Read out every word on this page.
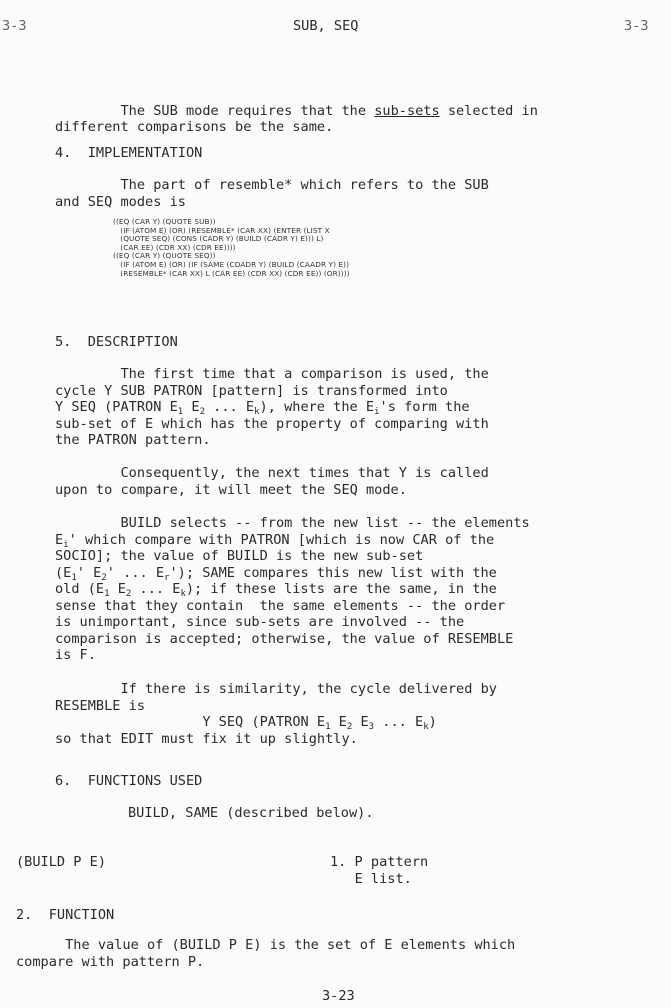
3-3	SUB, SEQ	3-3

The SUB mode requires that the sub-sets selected in
different comparisons be the same.

4. IMPLEMENTATION
The part of resemble* which refers to the SUB
and SEQ modes is
((EQ (CAR Y) (QUOTE SUB))
(IF (ATOM E) (OR) (RESEMBLE* (CAR XX) (ENTER (LIST X
(QUOTE SEQ) (CONS (CADR Y) (BUILD (CADR Y) E))) L)
(CAR EE) (CDR XX) (CDR EE))))
((EQ (CAR Y) (QUOTE SEQ))
(IF (ATOM E) (OR) (IF (SAME (CDADR Y) (BUILD (CAADR Y) E))
(RESEMBLE* (CAR XX) L (CAR EE) (CDR XX) (CDR EE)) (OR))))
5. DESCRIPTION
The first time that a comparison is used, the
cycle Y SUB PATRON [pattern] is transformed into
Y SEQ (PATRON $E_1$ $E_2$ ... $E_k$), where the $E_i's$ form the
sub-set of E which has the property of comparing with
the PATRON pattern.
Consequently, the next times that Y is called
upon to compare, it will meet the SEQ mode.
BUILD selects -- from the new list -- the elements
$E_i'$ which compare with PATRON [which is now CAR of the
SOCIO]; the value of BUILD is the new sub-set
($E_1'$ $E_2'$ ... $E_r'$); SAME compares this new list with the
old ($E_1$ $E_2$ ... $E_k$); if these lists are the same, in the
sense that they contain  the same elements -- the order
is unimportant, since sub-sets are involved -- the
comparison is accepted; otherwise, the value of RESEMBLE
is F.
If there is similarity, the cycle delivered by
RESEMBLE is
Y SEQ (PATRON $E_1$ $E_2$ $E_3$ ... $E_k$)
so that EDIT must fix it up slightly.
6. FUNCTIONS USED
BUILD, SAME (described below).
(BUILD P E)	1. P pattern
E list.
2. FUNCTION
The value of (BUILD P E) is the set of E elements which
compare with pattern P.
3-23
